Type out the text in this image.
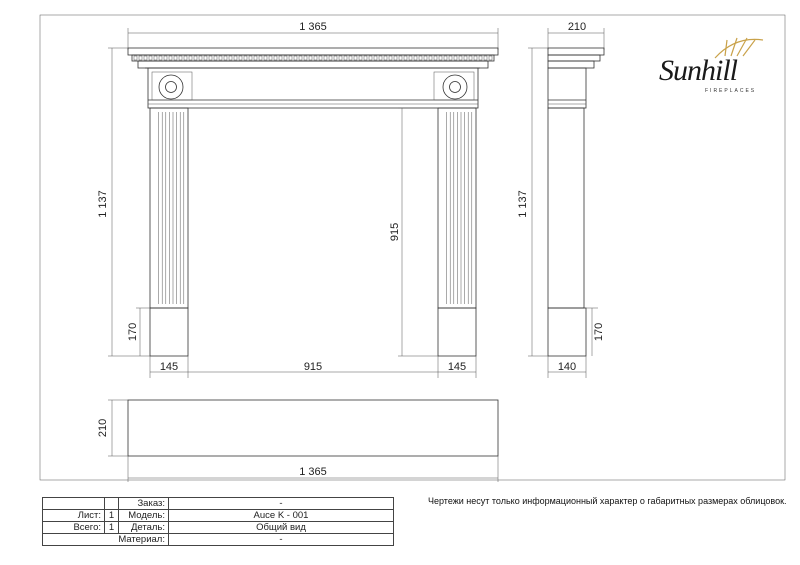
1 365
1 137
915
170
145	915	145
210
1 137
170
140
210
1 365
Sunhill
FIREPLACES
Чертежи несут только информационный характер о габаритных размерах облицовок.
		Заказ:	-
Лист:	1	Модель:	Auce K - 001
Всего:	1	Деталь:	Общий вид
Материал:			-
